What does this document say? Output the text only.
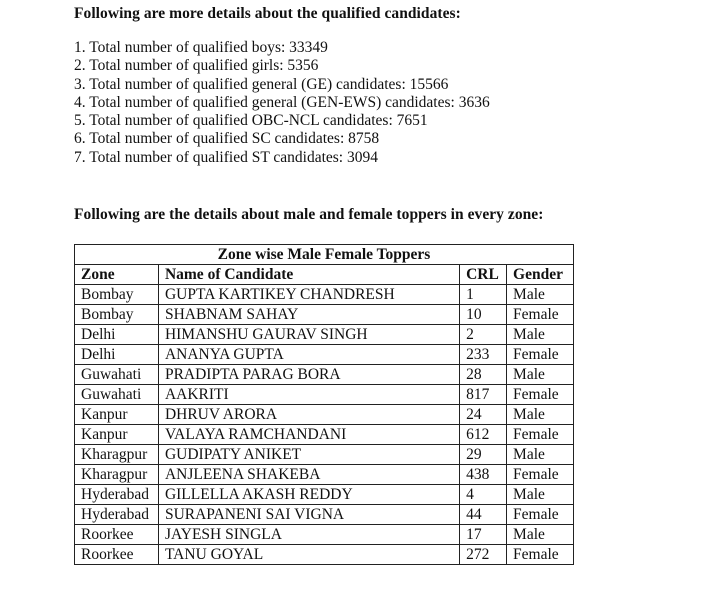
Following are more details about the qualified candidates:
1. Total number of qualified boys: 33349
2. Total number of qualified girls: 5356
3. Total number of qualified general (GE) candidates: 15566
4. Total number of qualified general (GEN-EWS) candidates: 3636
5. Total number of qualified OBC-NCL candidates: 7651
6. Total number of qualified SC candidates: 8758
7. Total number of qualified ST candidates: 3094
Following are the details about male and female toppers in every zone:
Zone wise Male Female Toppers			
Zone	Name of Candidate	CRL	Gender
Bombay	GUPTA KARTIKEY CHANDRESH	1	Male
Bombay	SHABNAM SAHAY	10	Female
Delhi	HIMANSHU GAURAV SINGH	2	Male
Delhi	ANANYA GUPTA	233	Female
Guwahati	PRADIPTA PARAG BORA	28	Male
Guwahati	AAKRITI	817	Female
Kanpur	DHRUV ARORA	24	Male
Kanpur	VALAYA RAMCHANDANI	612	Female
Kharagpur	GUDIPATY ANIKET	29	Male
Kharagpur	ANJLEENA SHAKEBA	438	Female
Hyderabad	GILLELLA AKASH REDDY	4	Male
Hyderabad	SURAPANENI SAI VIGNA	44	Female
Roorkee	JAYESH SINGLA	17	Male
Roorkee	TANU GOYAL	272	Female
